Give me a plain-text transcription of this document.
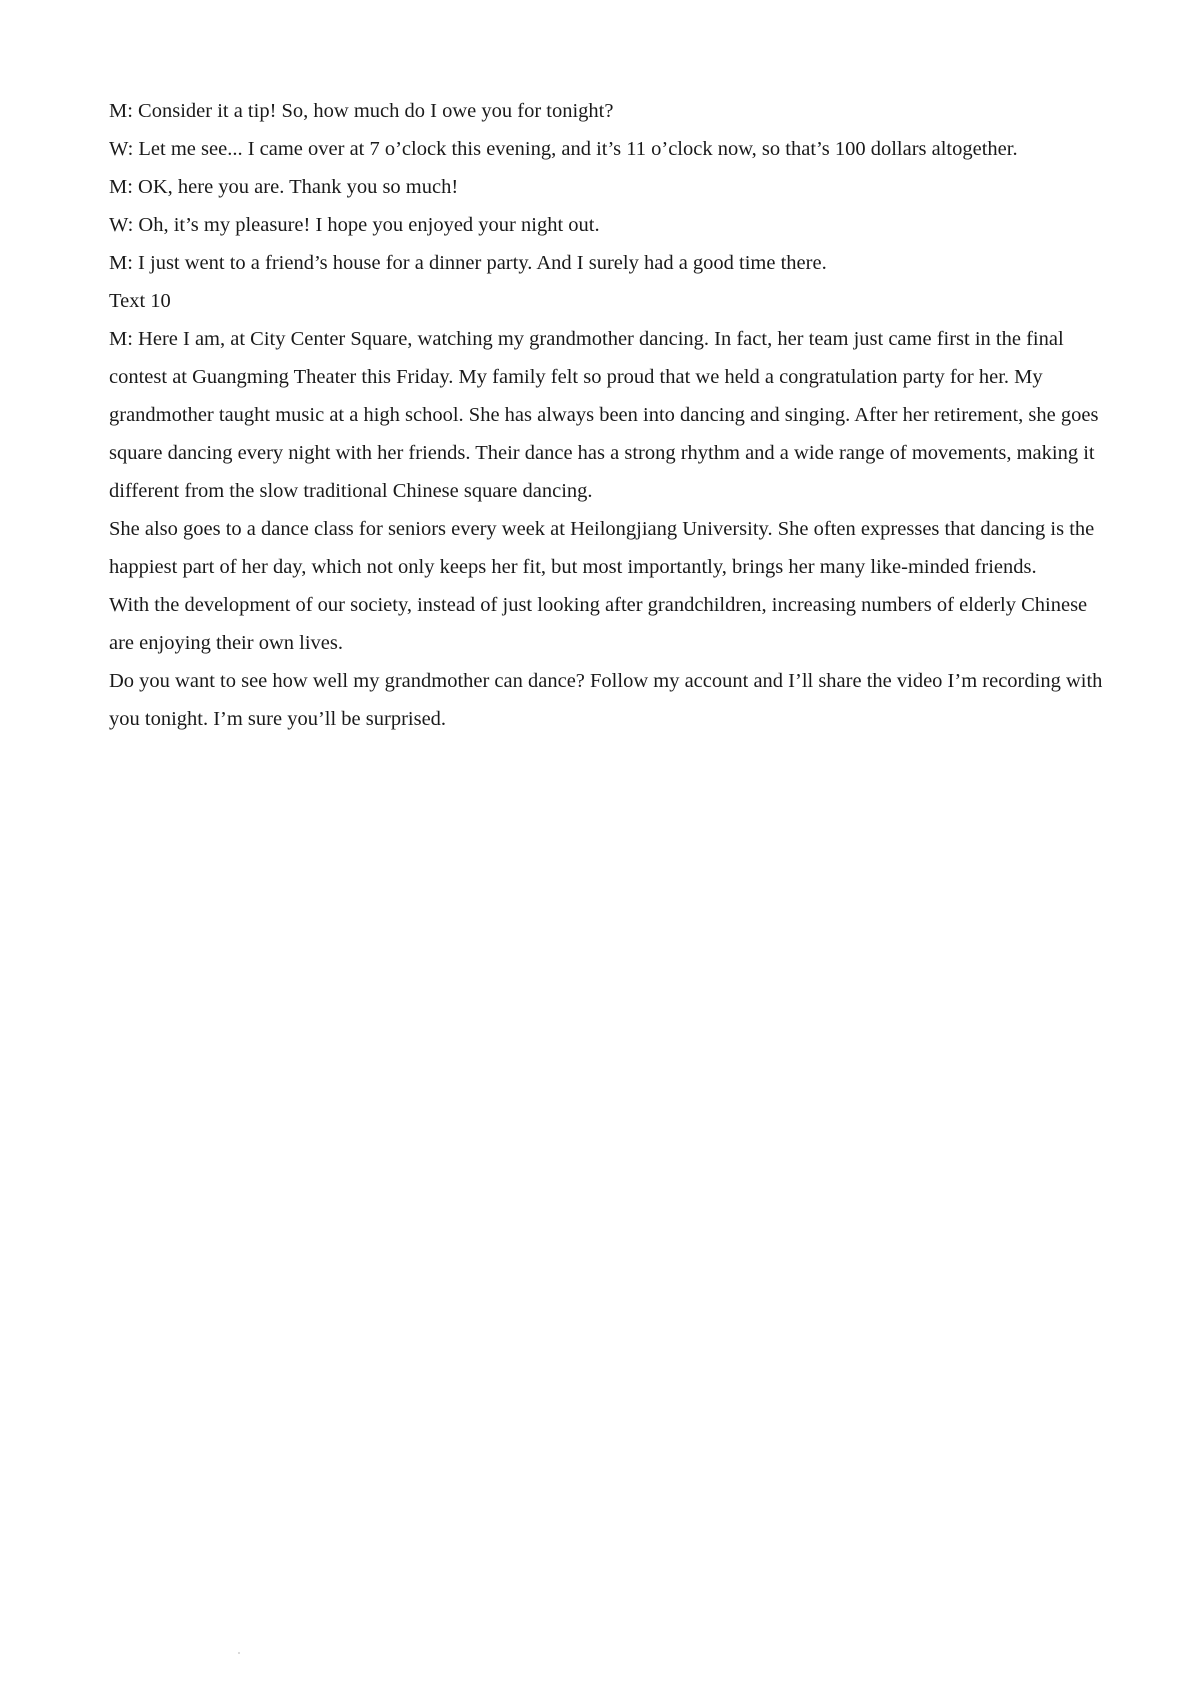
M: Consider it a tip! So, how much do I owe you for tonight?

W: Let me see... I came over at 7 o’clock this evening, and it’s 11 o’clock now, so that’s 100 dollars altogether.

M: OK, here you are. Thank you so much!

W: Oh, it’s my pleasure! I hope you enjoyed your night out.

M: I just went to a friend’s house for a dinner party. And I surely had a good time there.

Text 10

M: Here I am, at City Center Square, watching my grandmother dancing. In fact, her team just came first in the final contest at Guangming Theater this Friday. My family felt so proud that we held a congratulation party for her. My grandmother taught music at a high school. She has always been into dancing and singing. After her retirement, she goes square dancing every night with her friends. Their dance has a strong rhythm and a wide range of movements, making it different from the slow traditional Chinese square dancing.

She also goes to a dance class for seniors every week at Heilongjiang University. She often expresses that dancing is the happiest part of her day, which not only keeps her fit, but most importantly, brings her many like-minded friends.

With the development of our society, instead of just looking after grandchildren, increasing numbers of elderly Chinese are enjoying their own lives.

Do you want to see how well my grandmother can dance? Follow my account and I’ll share the video I’m recording with you tonight. I’m sure you’ll be surprised.
